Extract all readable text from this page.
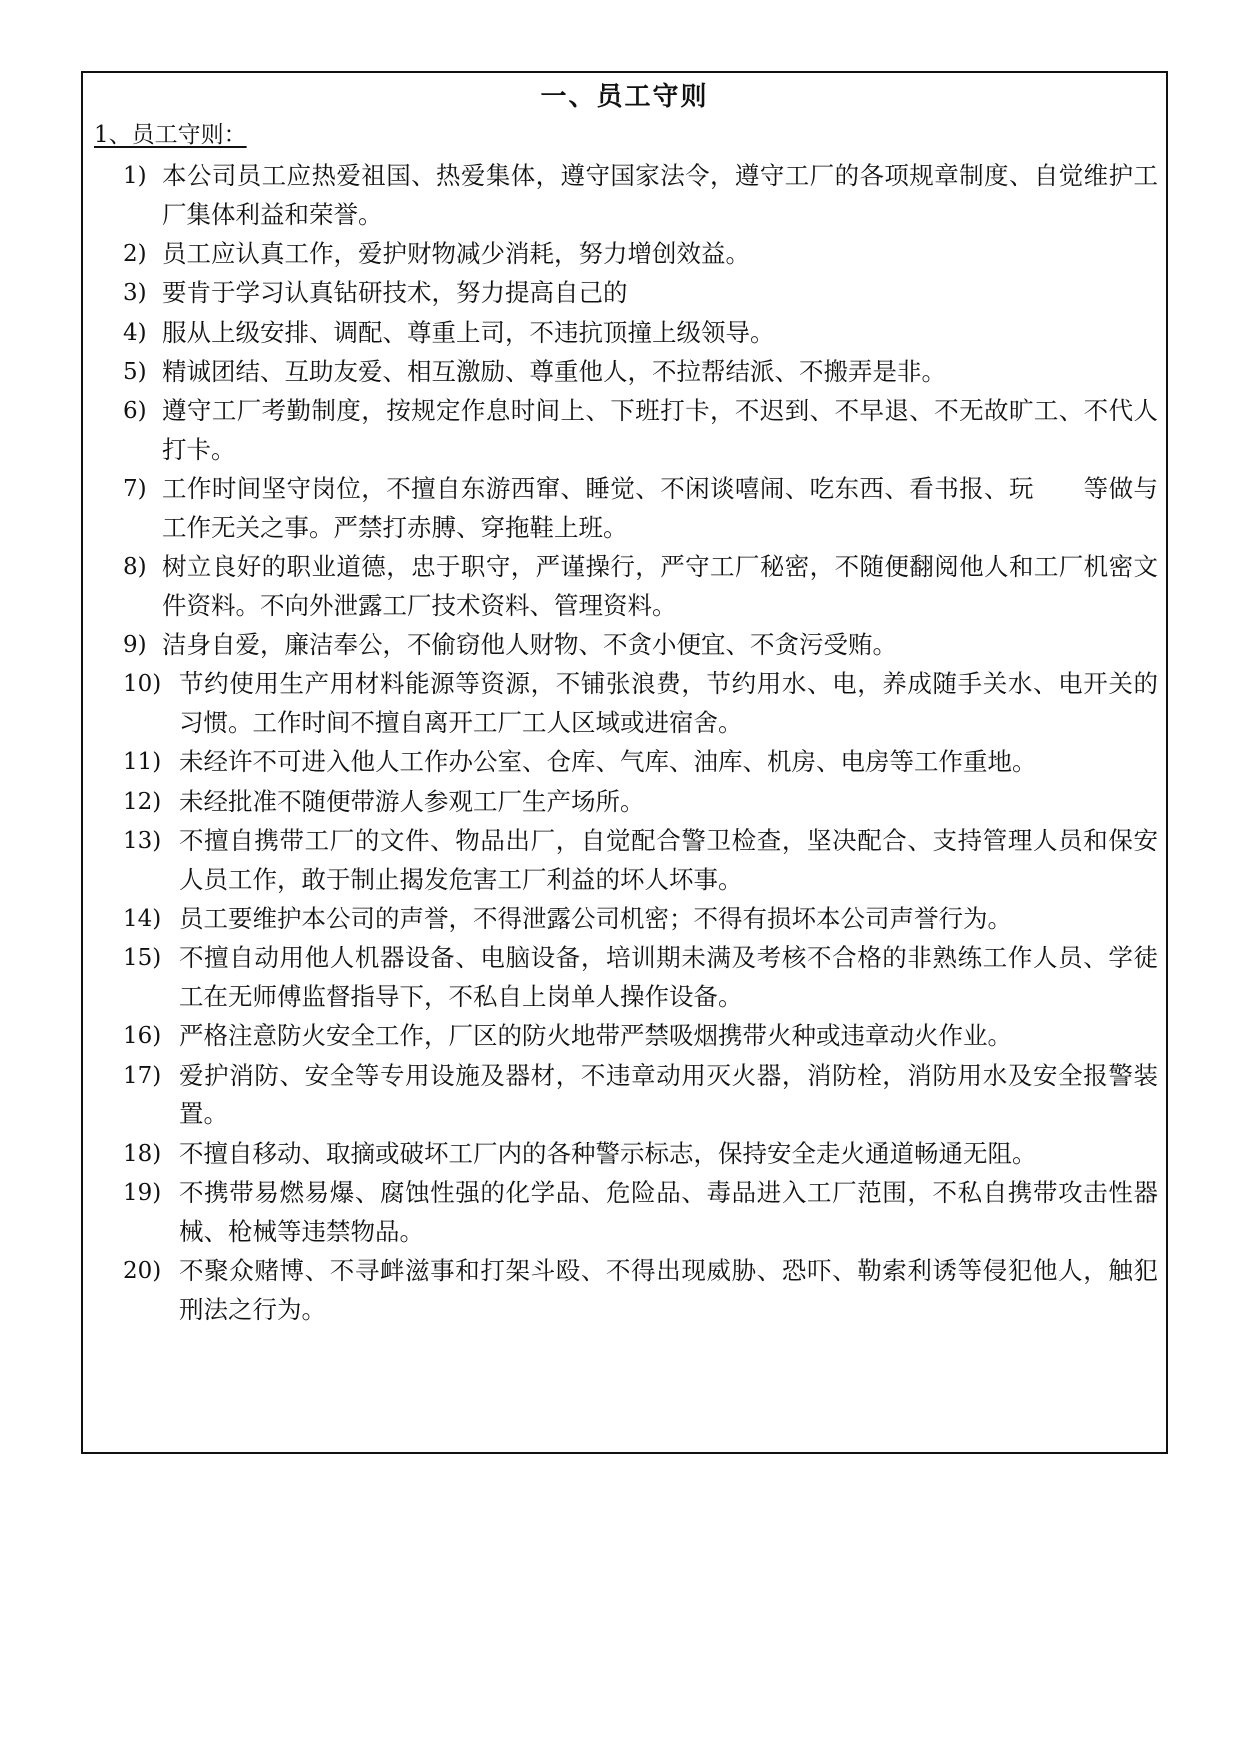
一、员工守则
1、员工守则：
1) 本公司员工应热爱祖国、热爱集体，遵守国家法令，遵守工厂的各项规章制度、自觉维护工厂集体利益和荣誉。
2) 员工应认真工作，爱护财物减少消耗，努力增创效益。
3) 要肯于学习认真钻研技术，努力提高自己的
4) 服从上级安排、调配、尊重上司，不违抗顶撞上级领导。
5) 精诚团结、互助友爱、相互激励、尊重他人，不拉帮结派、不搬弄是非。
6) 遵守工厂考勤制度，按规定作息时间上、下班打卡，不迟到、不早退、不无故旷工、不代人打卡。
7) 工作时间坚守岗位，不擅自东游西窜、睡觉、不闲谈嘻闹、吃东西、看书报、玩　　等做与工作无关之事。严禁打赤膊、穿拖鞋上班。
8) 树立良好的职业道德，忠于职守，严谨操行，严守工厂秘密，不随便翻阅他人和工厂机密文件资料。不向外泄露工厂技术资料、管理资料。
9) 洁身自爱，廉洁奉公，不偷窃他人财物、不贪小便宜、不贪污受贿。
10) 节约使用生产用材料能源等资源，不铺张浪费，节约用水、电，养成随手关水、电开关的习惯。工作时间不擅自离开工厂工人区域或进宿舍。
11) 未经许不可进入他人工作办公室、仓库、气库、油库、机房、电房等工作重地。
12) 未经批准不随便带游人参观工厂生产场所。
13) 不擅自携带工厂的文件、物品出厂，自觉配合警卫检查，坚决配合、支持管理人员和保安人员工作，敢于制止揭发危害工厂利益的坏人坏事。
14) 员工要维护本公司的声誉，不得泄露公司机密；不得有损坏本公司声誉行为。
15) 不擅自动用他人机器设备、电脑设备，培训期未满及考核不合格的非熟练工作人员、学徒工在无师傅监督指导下，不私自上岗单人操作设备。
16) 严格注意防火安全工作，厂区的防火地带严禁吸烟携带火种或违章动火作业。
17) 爱护消防、安全等专用设施及器材，不违章动用灭火器，消防栓，消防用水及安全报警装置。
18) 不擅自移动、取摘或破坏工厂内的各种警示标志，保持安全走火通道畅通无阻。
19) 不携带易燃易爆、腐蚀性强的化学品、危险品、毒品进入工厂范围，不私自携带攻击性器械、枪械等违禁物品。
20) 不聚众赌博、不寻衅滋事和打架斗殴、不得出现威胁、恐吓、勒索利诱等侵犯他人，触犯刑法之行为。
